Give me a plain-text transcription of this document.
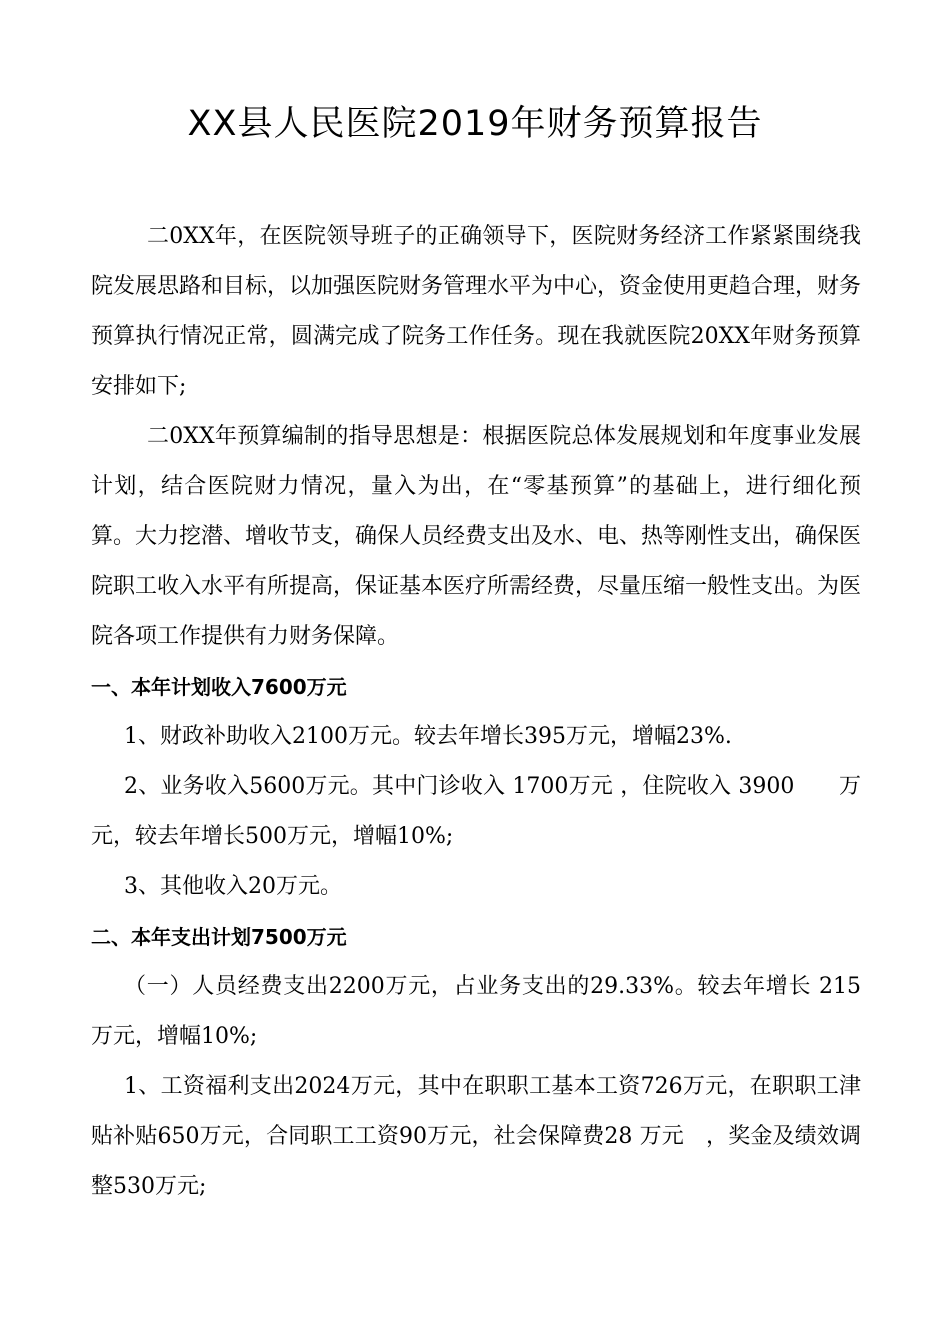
XX县人民医院2019年财务预算报告

二0XX年，在医院领导班子的正确领导下，医院财务经济工作紧紧围绕我院发展思路和目标，以加强医院财务管理水平为中心，资金使用更趋合理，财务预算执行情况正常，圆满完成了院务工作任务。现在我就医院20XX年财务预算安排如下;

二0XX年预算编制的指导思想是：根据医院总体发展规划和年度事业发展计划，结合医院财力情况，量入为出，在“零基预算”的基础上，进行细化预算。大力挖潜、增收节支，确保人员经费支出及水、电、热等刚性支出，确保医院职工收入水平有所提高，保证基本医疗所需经费，尽量压缩一般性支出。为医院各项工作提供有力财务保障。

一、本年计划收入7600万元

1、财政补助收入2100万元。较去年增长395万元，增幅23%.

2、业务收入5600万元。其中门诊收入 1700万元 ，住院收入 3900　　万元，较去年增长500万元，增幅10%;

3、其他收入20万元。

二、本年支出计划7500万元

（一）人员经费支出2200万元，占业务支出的29.33%。较去年增长 215万元，增幅10%;

1、工资福利支出2024万元，其中在职职工基本工资726万元，在职职工津贴补贴650万元，合同职工工资90万元，社会保障费28 万元　，奖金及绩效调整530万元;
